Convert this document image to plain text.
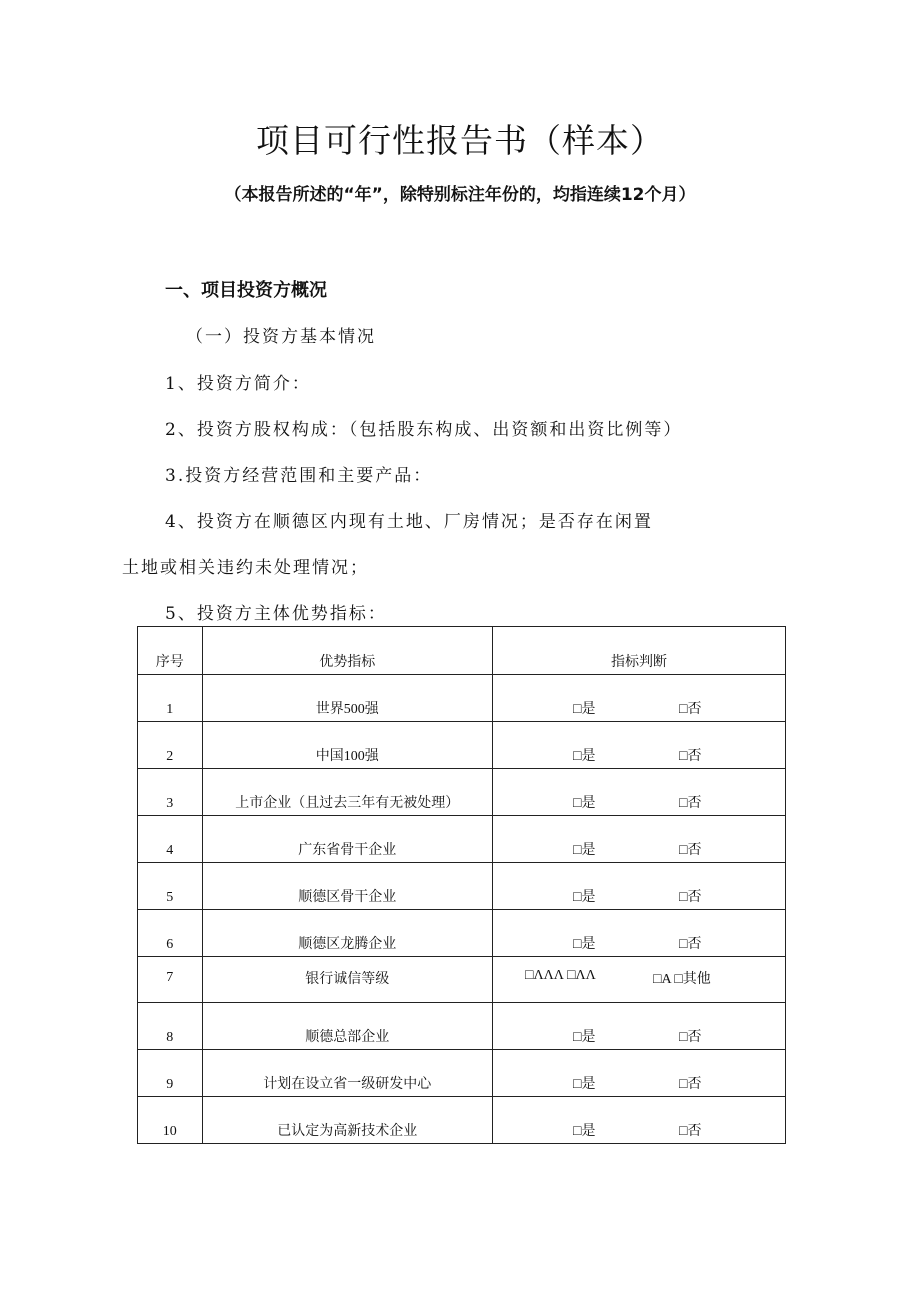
项目可行性报告书（样本）
（本报告所述的“年”，除特别标注年份的，均指连续12个月）
一、项目投资方概况
（一）投资方基本情况
1、投资方简介：
2、投资方股权构成：（包括股东构成、出资额和出资比例等）
3.投资方经营范围和主要产品：
4、投资方在顺德区内现有土地、厂房情况；是否存在闲置
土地或相关违约未处理情况；
5、投资方主体优势指标：
序号	优势指标	指标判断
1	世界500强	□是 □否

2	中国100强	□是 □否

3	上市企业（且过去三年有无被处理）	□是 □否

4	广东省骨干企业	□是 □否

5	顺德区骨干企业	□是 □否

6	顺德区龙腾企业	□是 □否

7	银行诚信等级	□ΛΛΛ □ΛΛ □A □其他

8	顺德总部企业	□是 □否

9	计划在设立省一级研发中心	□是 □否

10	已认定为高新技术企业	□是 □否
